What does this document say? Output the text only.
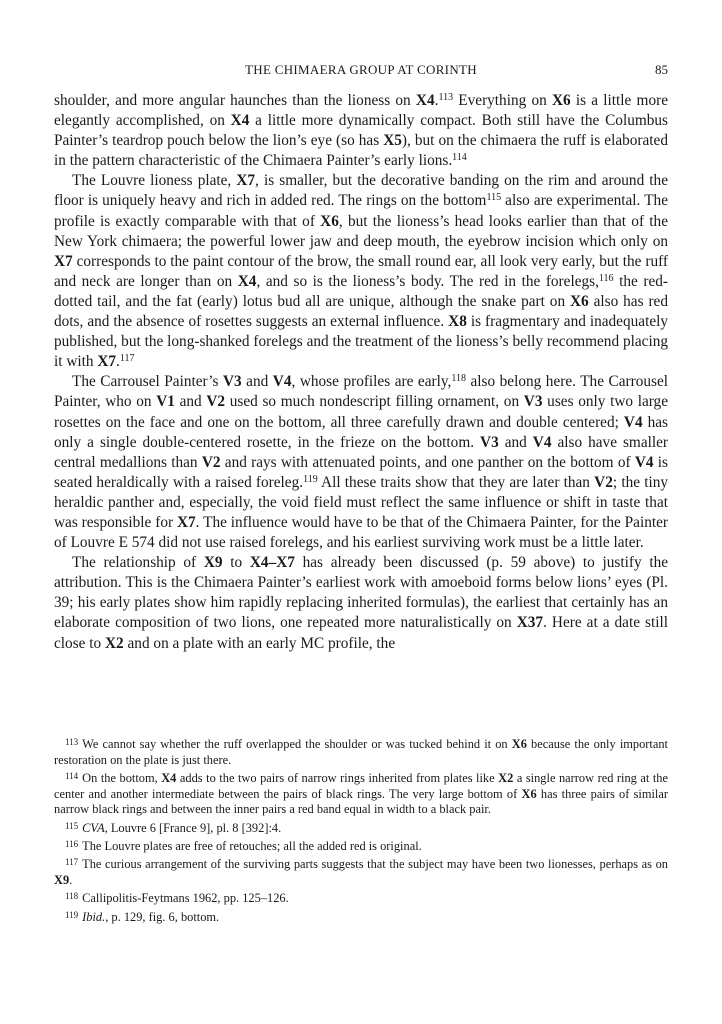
THE CHIMAERA GROUP AT CORINTH	85

shoulder, and more angular haunches than the lioness on X4.$^{113}$ Everything on X6 is a little more elegantly accomplished, on X4 a little more dynamically compact. Both still have the Columbus Painter’s teardrop pouch below the lion’s eye (so has X5), but on the chimaera the ruff is elaborated in the pattern characteristic of the Chimaera Painter’s early lions.$^{114}$

The Louvre lioness plate, X7, is smaller, but the decorative banding on the rim and around the floor is uniquely heavy and rich in added red. The rings on the bottom$^{115}$ also are experimental. The profile is exactly comparable with that of X6, but the lioness’s head looks earlier than that of the New York chimaera; the powerful lower jaw and deep mouth, the eyebrow incision which only on X7 corresponds to the paint contour of the brow, the small round ear, all look very early, but the ruff and neck are longer than on X4, and so is the lioness’s body. The red in the forelegs,$^{116}$ the red-dotted tail, and the fat (early) lotus bud all are unique, although the snake part on X6 also has red dots, and the absence of rosettes suggests an external influence. X8 is fragmentary and inadequately published, but the long-shanked forelegs and the treatment of the lioness’s belly recommend placing it with X7.$^{117}$

The Carrousel Painter’s V3 and V4, whose profiles are early,$^{118}$ also belong here. The Carrousel Painter, who on V1 and V2 used so much nondescript filling ornament, on V3 uses only two large rosettes on the face and one on the bottom, all three carefully drawn and double centered; V4 has only a single double-centered rosette, in the frieze on the bottom. V3 and V4 also have smaller central medallions than V2 and rays with attenuated points, and one panther on the bottom of V4 is seated heraldically with a raised foreleg.$^{119}$ All these traits show that they are later than V2; the tiny heraldic panther and, especially, the void field must reflect the same influence or shift in taste that was responsible for X7. The influence would have to be that of the Chimaera Painter, for the Painter of Louvre E 574 did not use raised forelegs, and his earliest surviving work must be a little later.

The relationship of X9 to X4–X7 has already been discussed (p. 59 above) to justify the attribution. This is the Chimaera Painter’s earliest work with amoeboid forms below lions’ eyes (Pl. 39; his early plates show him rapidly replacing inherited formulas), the earliest that certainly has an elaborate composition of two lions, one repeated more naturalistically on X37. Here at a date still close to X2 and on a plate with an early MC profile, the

$^{113}$ We cannot say whether the ruff overlapped the shoulder or was tucked behind it on X6 because the only important restoration on the plate is just there.

$^{114}$ On the bottom, X4 adds to the two pairs of narrow rings inherited from plates like X2 a single narrow red ring at the center and another intermediate between the pairs of black rings. The very large bottom of X6 has three pairs of similar narrow black rings and between the inner pairs a red band equal in width to a black pair.

$^{115}$ CVA, Louvre 6 [France 9], pl. 8 [392]:4.

$^{116}$ The Louvre plates are free of retouches; all the added red is original.

$^{117}$ The curious arrangement of the surviving parts suggests that the subject may have been two lionesses, perhaps as on X9.

$^{118}$ Callipolitis-Feytmans 1962, pp. 125–126.

$^{119}$ Ibid., p. 129, fig. 6, bottom.
